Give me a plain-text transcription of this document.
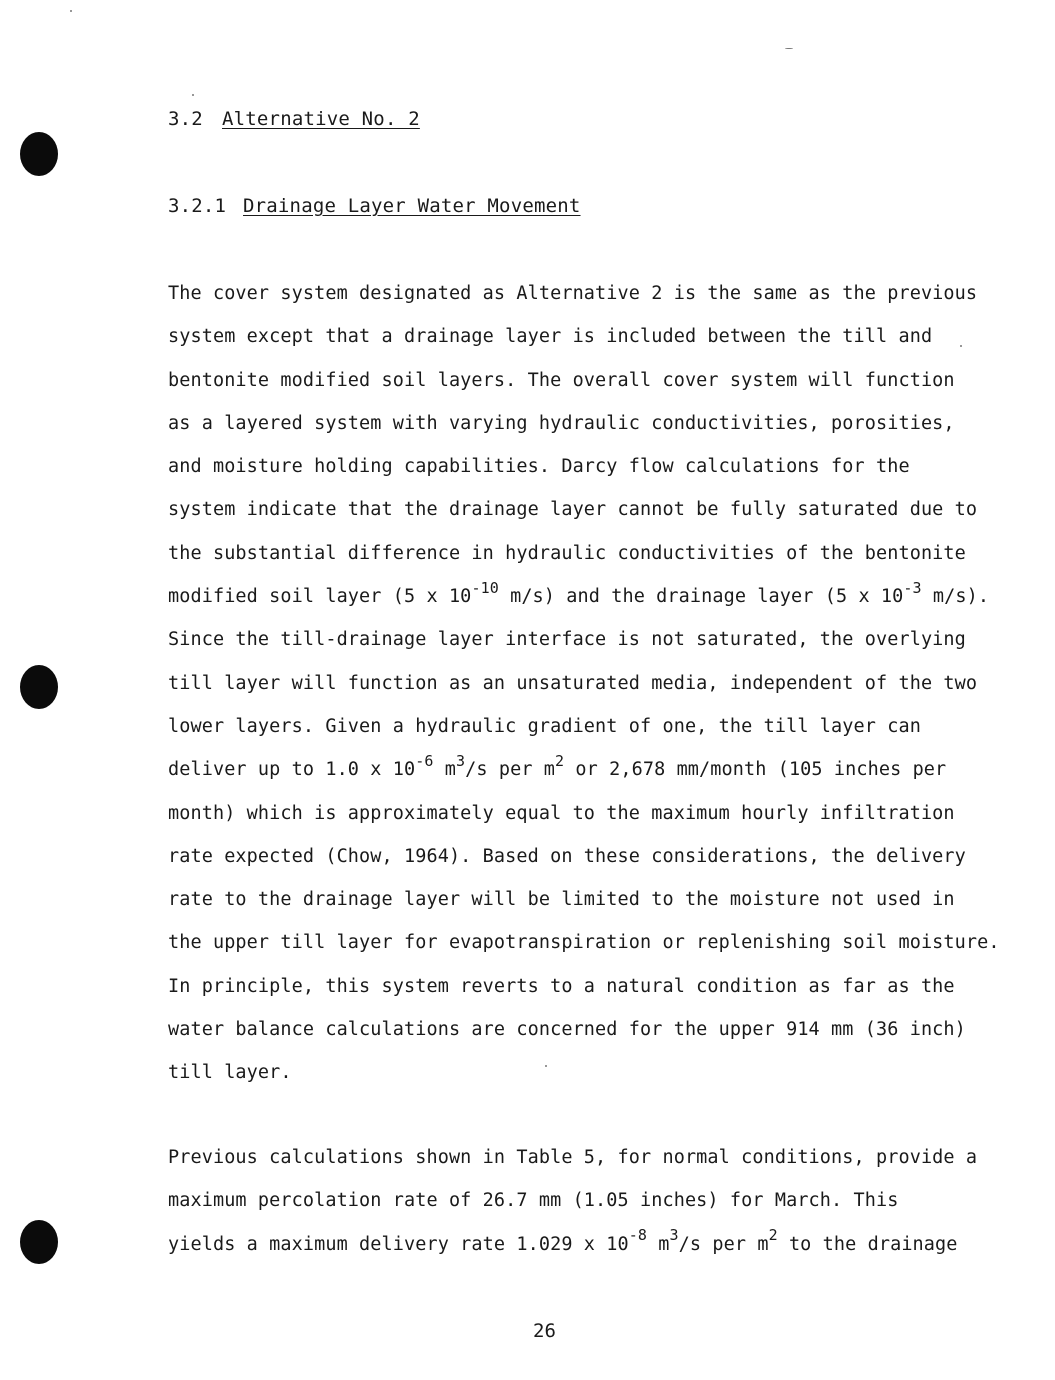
3.2 Alternative No. 2
3.2.1 Drainage Layer Water Movement
The cover system designated as Alternative 2 is the same as the previous
system except that a drainage layer is included between the till and
bentonite modified soil layers. The overall cover system will function
as a layered system with varying hydraulic conductivities, porosities,
and moisture holding capabilities. Darcy flow calculations for the
system indicate that the drainage layer cannot be fully saturated due to
the substantial difference in hydraulic conductivities of the bentonite
modified soil layer (5 x $10^{-10}$ m/s) and the drainage layer (5 x $10^{-3}$ m/s).
Since the till-drainage layer interface is not saturated, the overlying
till layer will function as an unsaturated media, independent of the two
lower layers. Given a hydraulic gradient of one, the till layer can
deliver up to 1.0 x $10^{-6}$ $m^3/s$ per $m^2$ or 2,678 mm/month (105 inches per
month) which is approximately equal to the maximum hourly infiltration
rate expected (Chow, 1964). Based on these considerations, the delivery
rate to the drainage layer will be limited to the moisture not used in
the upper till layer for evapotranspiration or replenishing soil moisture.
In principle, this system reverts to a natural condition as far as the
water balance calculations are concerned for the upper 914 mm (36 inch)
till layer.
Previous calculations shown in Table 5, for normal conditions, provide a
maximum percolation rate of 26.7 mm (1.05 inches) for March. This
yields a maximum delivery rate 1.029 x $10^{-8}$ $m^3/s$ per $m^2$ to the drainage
26
